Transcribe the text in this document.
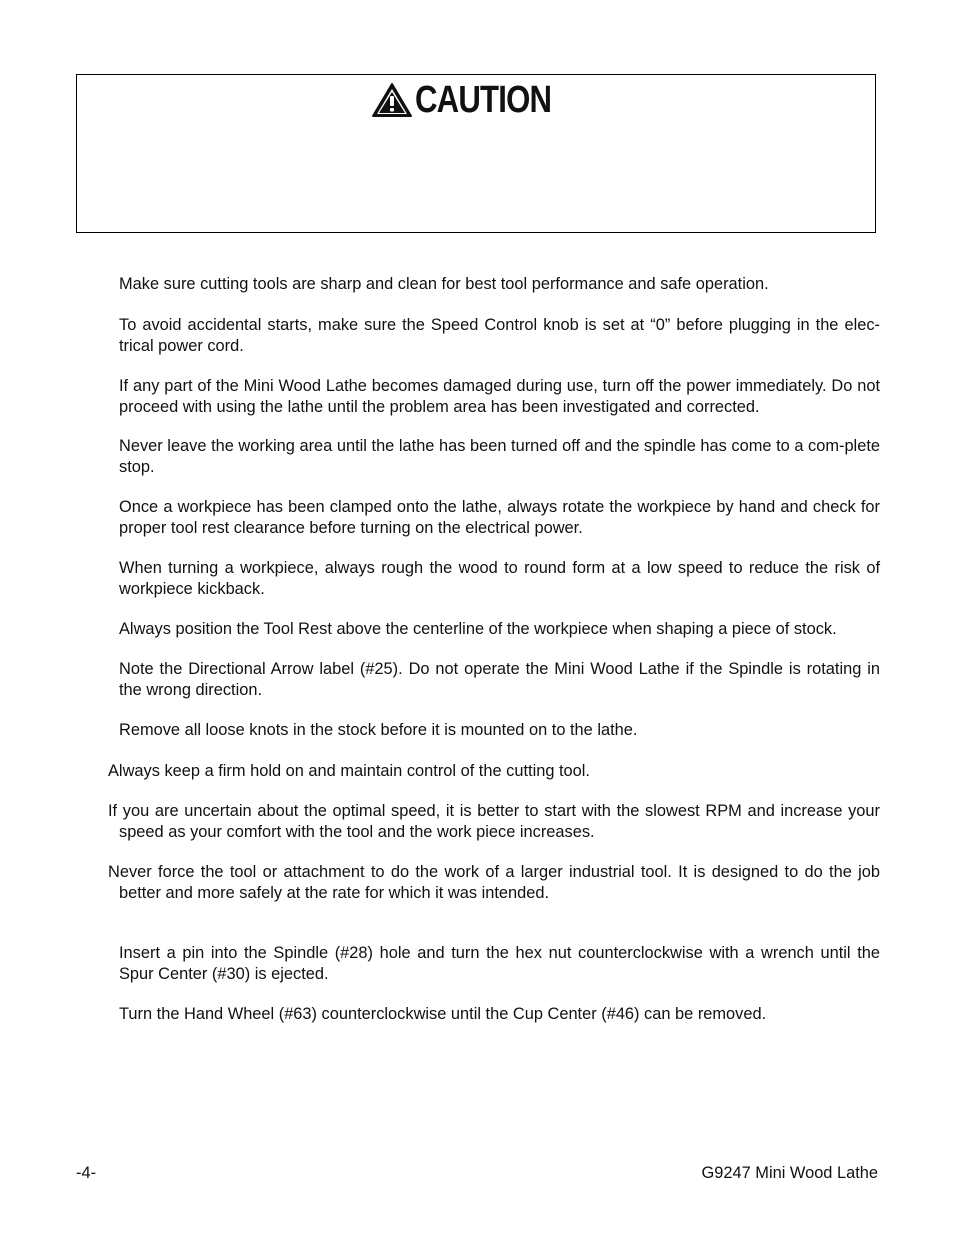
CAUTION
Make sure cutting tools are sharp and clean for best tool performance and safe operation.
To avoid accidental starts, make sure the Speed Control knob is set at “0” before plugging in the elec-trical power cord.
If any part of the Mini Wood Lathe becomes damaged during use, turn off the power immediately. Do not proceed with using the lathe until the problem area has been investigated and corrected.
Never leave the working area until the lathe has been turned off and the spindle has come to a com-plete stop.
Once a workpiece has been clamped onto the lathe, always rotate the workpiece by hand and check for proper tool rest clearance before turning on the electrical power.
When turning a workpiece, always rough the wood to round form at a low speed to reduce the risk of workpiece kickback.
Always position the Tool Rest above the centerline of the workpiece when shaping a piece of stock.
Note the Directional Arrow label (#25). Do not operate the Mini Wood Lathe if the Spindle is rotating in the wrong direction.
Remove all loose knots in the stock before it is mounted on to the lathe.
Always keep a firm hold on and maintain control of the cutting tool.
If you are uncertain about the optimal speed, it is better to start with the slowest RPM and increase your speed as your comfort with the tool and the work piece increases.
Never force the tool or attachment to do the work of a larger industrial tool. It is designed to do the job better and more safely at the rate for which it was intended.
Insert a pin into the Spindle (#28) hole and turn the hex nut counterclockwise with a wrench until the Spur Center (#30) is ejected.
Turn the Hand Wheel (#63) counterclockwise until the Cup Center (#46) can be removed.
-4-	G9247 Mini Wood Lathe
